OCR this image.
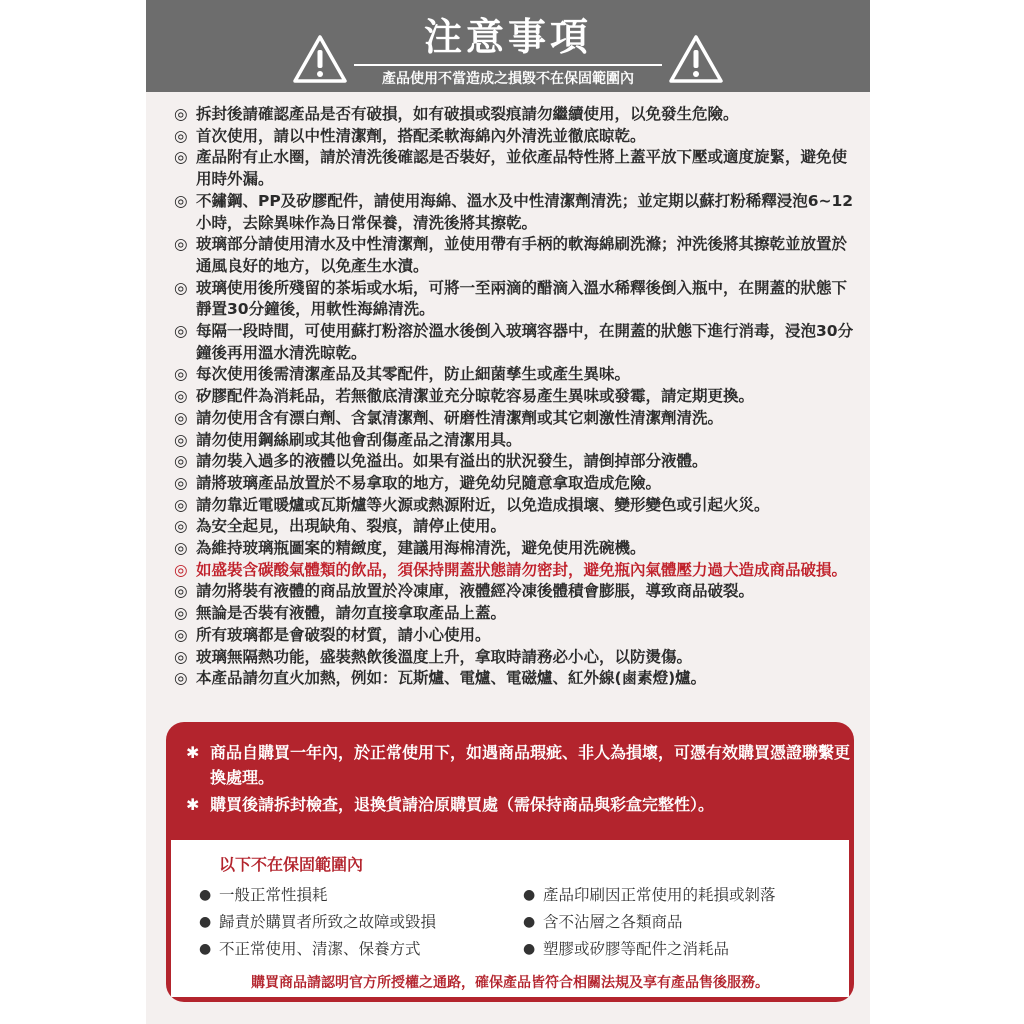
注意事項
產品使用不當造成之損毀不在保固範圍內
◎ 拆封後請確認產品是否有破損，如有破損或裂痕請勿繼續使用，以免發生危險。
◎ 首次使用，請以中性清潔劑，搭配柔軟海綿內外清洗並徹底晾乾。
◎ 產品附有止水圈，請於清洗後確認是否裝好，並依產品特性將上蓋平放下壓或適度旋緊，避免使用時外漏。
◎ 不鏽鋼、PP及矽膠配件，請使用海綿、溫水及中性清潔劑清洗；並定期以蘇打粉稀釋浸泡6~12小時，去除異味作為日常保養，清洗後將其擦乾。
◎ 玻璃部分請使用清水及中性清潔劑，並使用帶有手柄的軟海綿刷洗滌；沖洗後將其擦乾並放置於通風良好的地方，以免產生水漬。
◎ 玻璃使用後所殘留的茶垢或水垢，可將一至兩滴的醋滴入溫水稀釋後倒入瓶中，在開蓋的狀態下靜置30分鐘後，用軟性海綿清洗。
◎ 每隔一段時間，可使用蘇打粉溶於溫水後倒入玻璃容器中，在開蓋的狀態下進行消毒，浸泡30分鐘後再用溫水清洗晾乾。
◎ 每次使用後需清潔產品及其零配件，防止細菌孳生或產生異味。
◎ 矽膠配件為消耗品，若無徹底清潔並充分晾乾容易產生異味或發霉，請定期更換。
◎ 請勿使用含有漂白劑、含氯清潔劑、研磨性清潔劑或其它刺激性清潔劑清洗。
◎ 請勿使用鋼絲刷或其他會刮傷產品之清潔用具。
◎ 請勿裝入過多的液體以免溢出。如果有溢出的狀況發生，請倒掉部分液體。
◎ 請將玻璃產品放置於不易拿取的地方，避免幼兒隨意拿取造成危險。
◎ 請勿靠近電暖爐或瓦斯爐等火源或熱源附近，以免造成損壞、變形變色或引起火災。
◎ 為安全起見，出現缺角、裂痕，請停止使用。
◎ 為維持玻璃瓶圖案的精緻度，建議用海棉清洗，避免使用洗碗機。
◎ 如盛裝含碳酸氣體類的飲品，須保持開蓋狀態請勿密封，避免瓶內氣體壓力過大造成商品破損。
◎ 請勿將裝有液體的商品放置於冷凍庫，液體經冷凍後體積會膨脹，導致商品破裂。
◎ 無論是否裝有液體，請勿直接拿取產品上蓋。
◎ 所有玻璃都是會破裂的材質，請小心使用。
◎ 玻璃無隔熱功能，盛裝熱飲後溫度上升，拿取時請務必小心，以防燙傷。
◎ 本產品請勿直火加熱，例如：瓦斯爐、電爐、電磁爐、紅外線(鹵素燈)爐。
✱ 商品自購買一年內，於正常使用下，如遇商品瑕疵、非人為損壞，可憑有效購買憑證聯繫更換處理。
✱ 購買後請拆封檢查，退換貨請洽原購買處（需保持商品與彩盒完整性）。
以下不在保固範圍內
● 一般正常性損耗
● 歸責於購買者所致之故障或毀損
● 不正常使用、清潔、保養方式
● 產品印刷因正常使用的耗損或剝落
● 含不沾層之各類商品
● 塑膠或矽膠等配件之消耗品
購買商品請認明官方所授權之通路，確保產品皆符合相關法規及享有產品售後服務。
